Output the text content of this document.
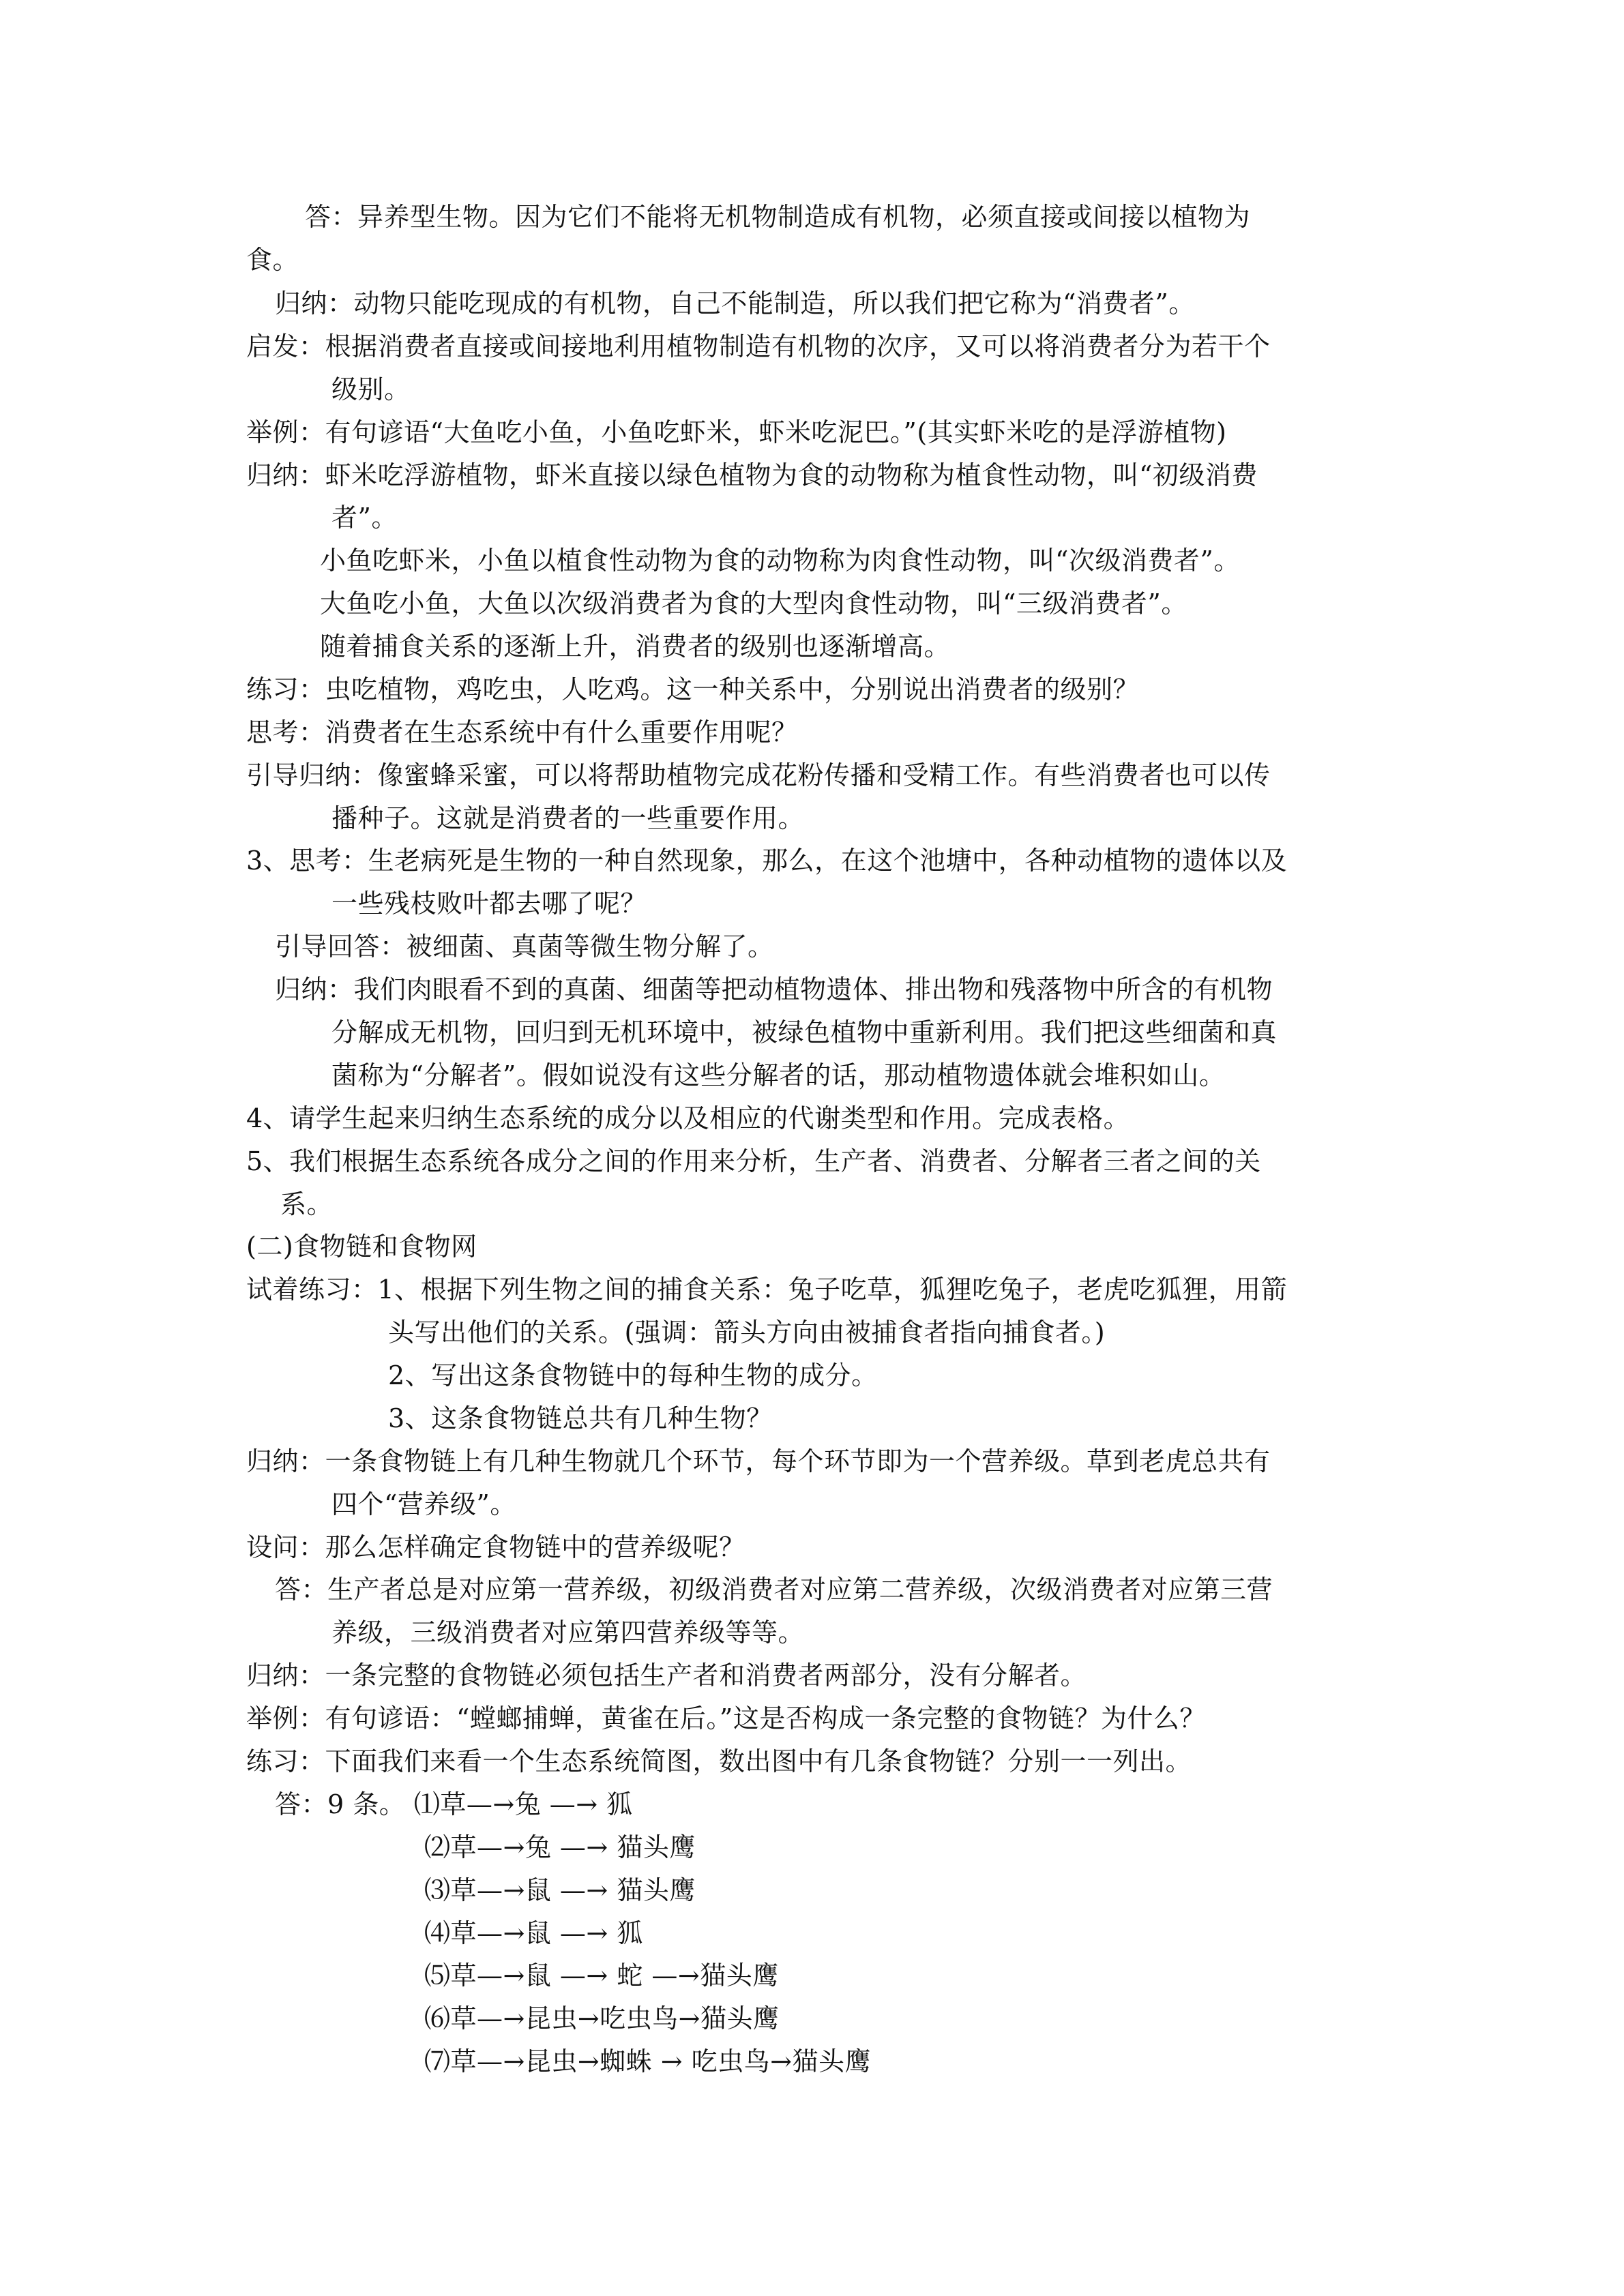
答：异养型生物。因为它们不能将无机物制造成有机物，必须直接或间接以植物为
食。
归纳：动物只能吃现成的有机物，自己不能制造，所以我们把它称为“消费者”。
启发：根据消费者直接或间接地利用植物制造有机物的次序，又可以将消费者分为若干个
级别。
举例：有句谚语“大鱼吃小鱼，小鱼吃虾米，虾米吃泥巴。”(其实虾米吃的是浮游植物)
归纳：虾米吃浮游植物，虾米直接以绿色植物为食的动物称为植食性动物，叫“初级消费
者”。
小鱼吃虾米，小鱼以植食性动物为食的动物称为肉食性动物，叫“次级消费者”。
大鱼吃小鱼，大鱼以次级消费者为食的大型肉食性动物，叫“三级消费者”。
随着捕食关系的逐渐上升，消费者的级别也逐渐增高。
练习：虫吃植物，鸡吃虫，人吃鸡。这一种关系中，分别说出消费者的级别？
思考：消费者在生态系统中有什么重要作用呢？
引导归纳：像蜜蜂采蜜，可以将帮助植物完成花粉传播和受精工作。有些消费者也可以传
播种子。这就是消费者的一些重要作用。
3、思考：生老病死是生物的一种自然现象，那么，在这个池塘中，各种动植物的遗体以及
一些残枝败叶都去哪了呢？
引导回答：被细菌、真菌等微生物分解了。
归纳：我们肉眼看不到的真菌、细菌等把动植物遗体、排出物和残落物中所含的有机物
分解成无机物，回归到无机环境中，被绿色植物中重新利用。我们把这些细菌和真
菌称为“分解者”。假如说没有这些分解者的话，那动植物遗体就会堆积如山。
4、请学生起来归纳生态系统的成分以及相应的代谢类型和作用。完成表格。
5、我们根据生态系统各成分之间的作用来分析，生产者、消费者、分解者三者之间的关
系。
(二)食物链和食物网
试着练习：1、根据下列生物之间的捕食关系：兔子吃草，狐狸吃兔子，老虎吃狐狸，用箭
头写出他们的关系。(强调：箭头方向由被捕食者指向捕食者。)
2、写出这条食物链中的每种生物的成分。
3、这条食物链总共有几种生物？
归纳：一条食物链上有几种生物就几个环节，每个环节即为一个营养级。草到老虎总共有
四个“营养级”。
设问：那么怎样确定食物链中的营养级呢？
答：生产者总是对应第一营养级，初级消费者对应第二营养级，次级消费者对应第三营
养级，三级消费者对应第四营养级等等。
归纳：一条完整的食物链必须包括生产者和消费者两部分，没有分解者。
举例：有句谚语：“螳螂捕蝉，黄雀在后。”这是否构成一条完整的食物链？为什么？
练习：下面我们来看一个生态系统简图，数出图中有几条食物链？分别一一列出。
答：9 条。 ⑴草—→兔 —→ 狐
⑵草—→兔 —→ 猫头鹰
⑶草—→鼠 —→ 猫头鹰
⑷草—→鼠 —→ 狐
⑸草—→鼠 —→ 蛇 —→猫头鹰
⑹草—→昆虫→吃虫鸟→猫头鹰
⑺草—→昆虫→蜘蛛 → 吃虫鸟→猫头鹰
